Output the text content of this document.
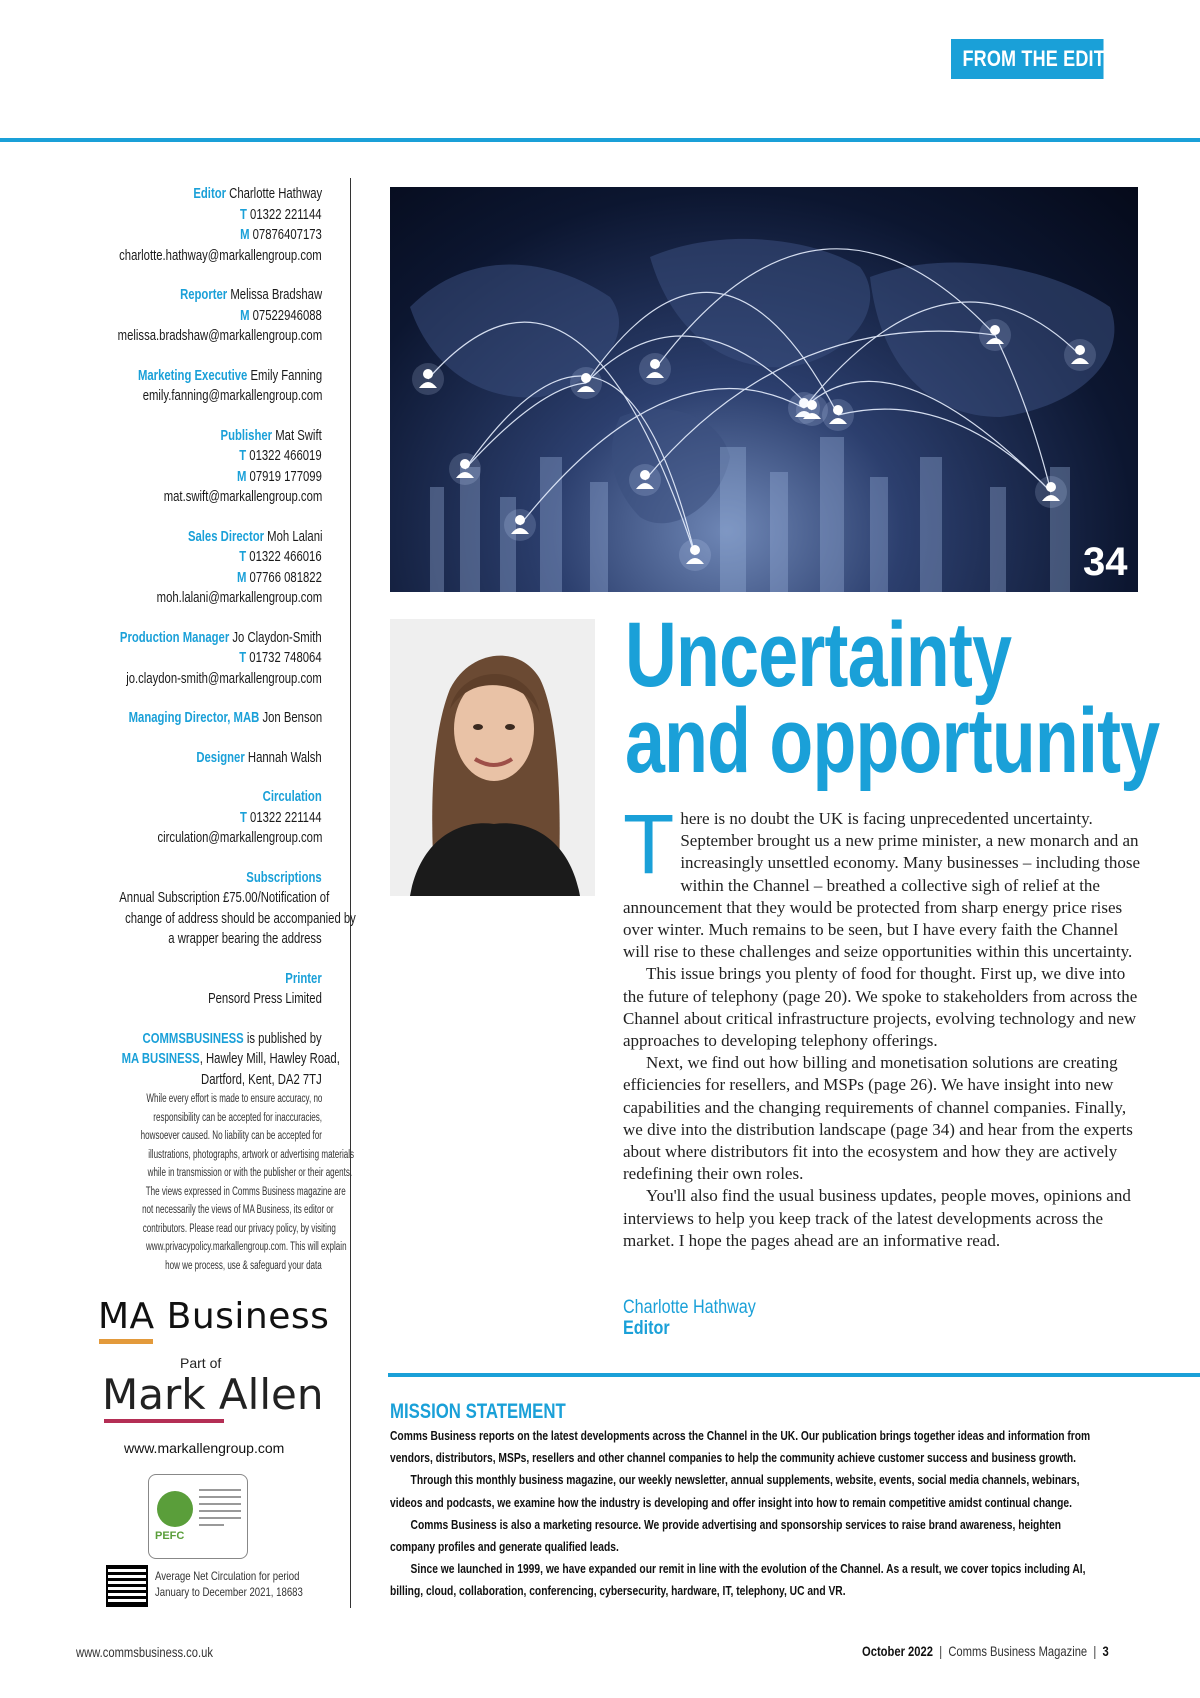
FROM THE EDITOR ✎
Editor Charlotte Hathway
T 01322 221144
M 07876407173
charlotte.hathway@markallengroup.com
Reporter Melissa Bradshaw
M 07522946088
melissa.bradshaw@markallengroup.com
Marketing Executive Emily Fanning
emily.fanning@markallengroup.com
Publisher Mat Swift
T 01322 466019
M 07919 177099
mat.swift@markallengroup.com
Sales Director Moh Lalani
T 01322 466016
M 07766 081822
moh.lalani@markallengroup.com
Production Manager Jo Claydon-Smith
T 01732 748064
jo.claydon-smith@markallengroup.com
Managing Director, MAB Jon Benson
Designer Hannah Walsh
Circulation
T 01322 221144
circulation@markallengroup.com
Subscriptions
Annual Subscription £75.00/Notification of
change of address should be accompanied by
a wrapper bearing the address
Printer
Pensord Press Limited
COMMSBUSINESS is published by
MA BUSINESS, Hawley Mill, Hawley Road,
Dartford, Kent, DA2 7TJ
While every effort is made to ensure accuracy, no
responsibility can be accepted for inaccuracies,
howsoever caused. No liability can be accepted for
illustrations, photographs, artwork or advertising materials
while in transmission or with the publisher or their agents.
The views expressed in Comms Business magazine are
not necessarily the views of MA Business, its editor or
contributors. Please read our privacy policy, by visiting
www.privacypolicy.markallengroup.com. This will explain
how we process, use & safeguard your data
MA Business
Part of
Mark Allen
www.markallengroup.com
PEFC
Average Net Circulation for period
January to December 2021, 18683
34
Uncertainty
and opportunity

There is no doubt the UK is facing unprecedented uncertainty. September brought us a new prime minister, a new monarch and an increasingly unsettled economy. Many businesses – including those within the Channel – breathed a collective sigh of relief at the announcement that they would be protected from sharp energy price rises over winter. Much remains to be seen, but I have every faith the Channel will rise to these challenges and seize opportunities within this uncertainty.

This issue brings you plenty of food for thought. First up, we dive into the future of telephony (page 20). We spoke to stakeholders from across the Channel about critical infrastructure projects, evolving technology and new approaches to developing telephony offerings.

Next, we find out how billing and monetisation solutions are creating efficiencies for resellers, and MSPs (page 26). We have insight into new capabilities and the changing requirements of channel companies. Finally, we dive into the distribution landscape (page 34) and hear from the experts about where distributors fit into the ecosystem and how they are actively redefining their own roles.

You'll also find the usual business updates, people moves, opinions and interviews to help you keep track of the latest developments across the market. I hope the pages ahead are an informative read.

Charlotte Hathway
Editor
MISSION STATEMENT

Comms Business reports on the latest developments across the Channel in the UK. Our publication brings together ideas and information from

vendors, distributors, MSPs, resellers and other channel companies to help the community achieve customer success and business growth.

Through this monthly business magazine, our weekly newsletter, annual supplements, website, events, social media channels, webinars,

videos and podcasts, we examine how the industry is developing and offer insight into how to remain competitive amidst continual change.

Comms Business is also a marketing resource. We provide advertising and sponsorship services to raise brand awareness, heighten

company profiles and generate qualified leads.

Since we launched in 1999, we have expanded our remit in line with the evolution of the Channel. As a result, we cover topics including AI,

billing, cloud, collaboration, conferencing, cybersecurity, hardware, IT, telephony, UC and VR.

www.commsbusiness.co.uk	October 2022 | Comms Business Magazine | 3
